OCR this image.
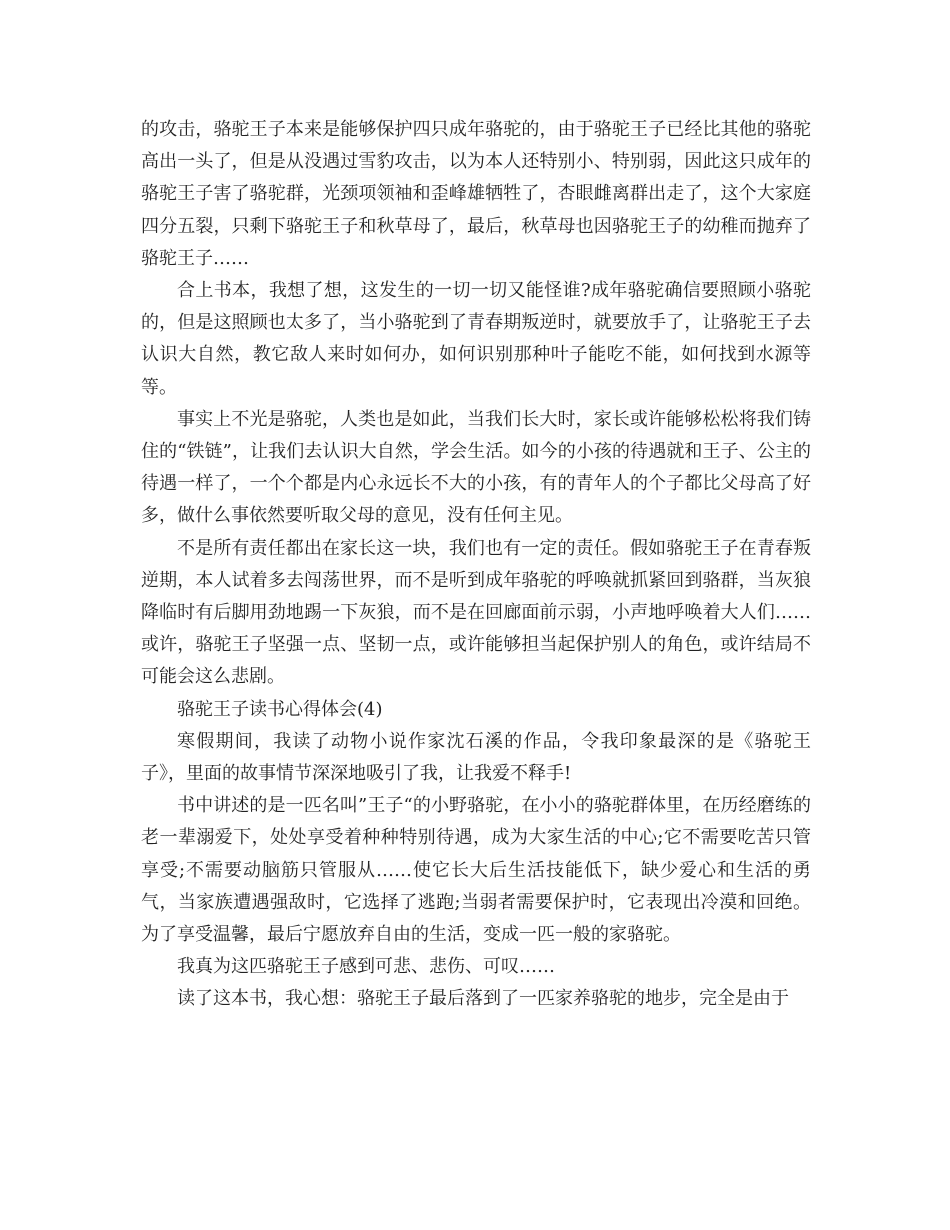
的攻击，骆驼王子本来是能够保护四只成年骆驼的，由于骆驼王子已经比其他的骆驼高出一头了，但是从没遇过雪豹攻击，以为本人还特别小、特别弱，因此这只成年的骆驼王子害了骆驼群，光颈项领袖和歪峰雄牺牲了，杏眼雌离群出走了，这个大家庭四分五裂，只剩下骆驼王子和秋草母了，最后，秋草母也因骆驼王子的幼稚而抛弃了骆驼王子……

合上书本，我想了想，这发生的一切一切又能怪谁?成年骆驼确信要照顾小骆驼的，但是这照顾也太多了，当小骆驼到了青春期叛逆时，就要放手了，让骆驼王子去认识大自然，教它敌人来时如何办，如何识别那种叶子能吃不能，如何找到水源等等。

事实上不光是骆驼，人类也是如此，当我们长大时，家长或许能够松松将我们铸住的“铁链”，让我们去认识大自然，学会生活。如今的小孩的待遇就和王子、公主的待遇一样了，一个个都是内心永远长不大的小孩，有的青年人的个子都比父母高了好多，做什么事依然要听取父母的意见，没有任何主见。

不是所有责任都出在家长这一块，我们也有一定的责任。假如骆驼王子在青春叛逆期，本人试着多去闯荡世界，而不是听到成年骆驼的呼唤就抓紧回到骆群，当灰狼降临时有后脚用劲地踢一下灰狼，而不是在回廊面前示弱，小声地呼唤着大人们……或许，骆驼王子坚强一点、坚韧一点，或许能够担当起保护别人的角色，或许结局不可能会这么悲剧。

骆驼王子读书心得体会(4)

寒假期间，我读了动物小说作家沈石溪的作品，令我印象最深的是《骆驼王子》，里面的故事情节深深地吸引了我，让我爱不释手!

书中讲述的是一匹名叫”王子“的小野骆驼，在小小的骆驼群体里，在历经磨练的老一辈溺爱下，处处享受着种种特别待遇，成为大家生活的中心;它不需要吃苦只管享受;不需要动脑筋只管服从……使它长大后生活技能低下，缺少爱心和生活的勇气，当家族遭遇强敌时，它选择了逃跑;当弱者需要保护时，它表现出冷漠和回绝。为了享受温馨，最后宁愿放弃自由的生活，变成一匹一般的家骆驼。

我真为这匹骆驼王子感到可悲、悲伤、可叹……

读了这本书，我心想：骆驼王子最后落到了一匹家养骆驼的地步，完全是由于
